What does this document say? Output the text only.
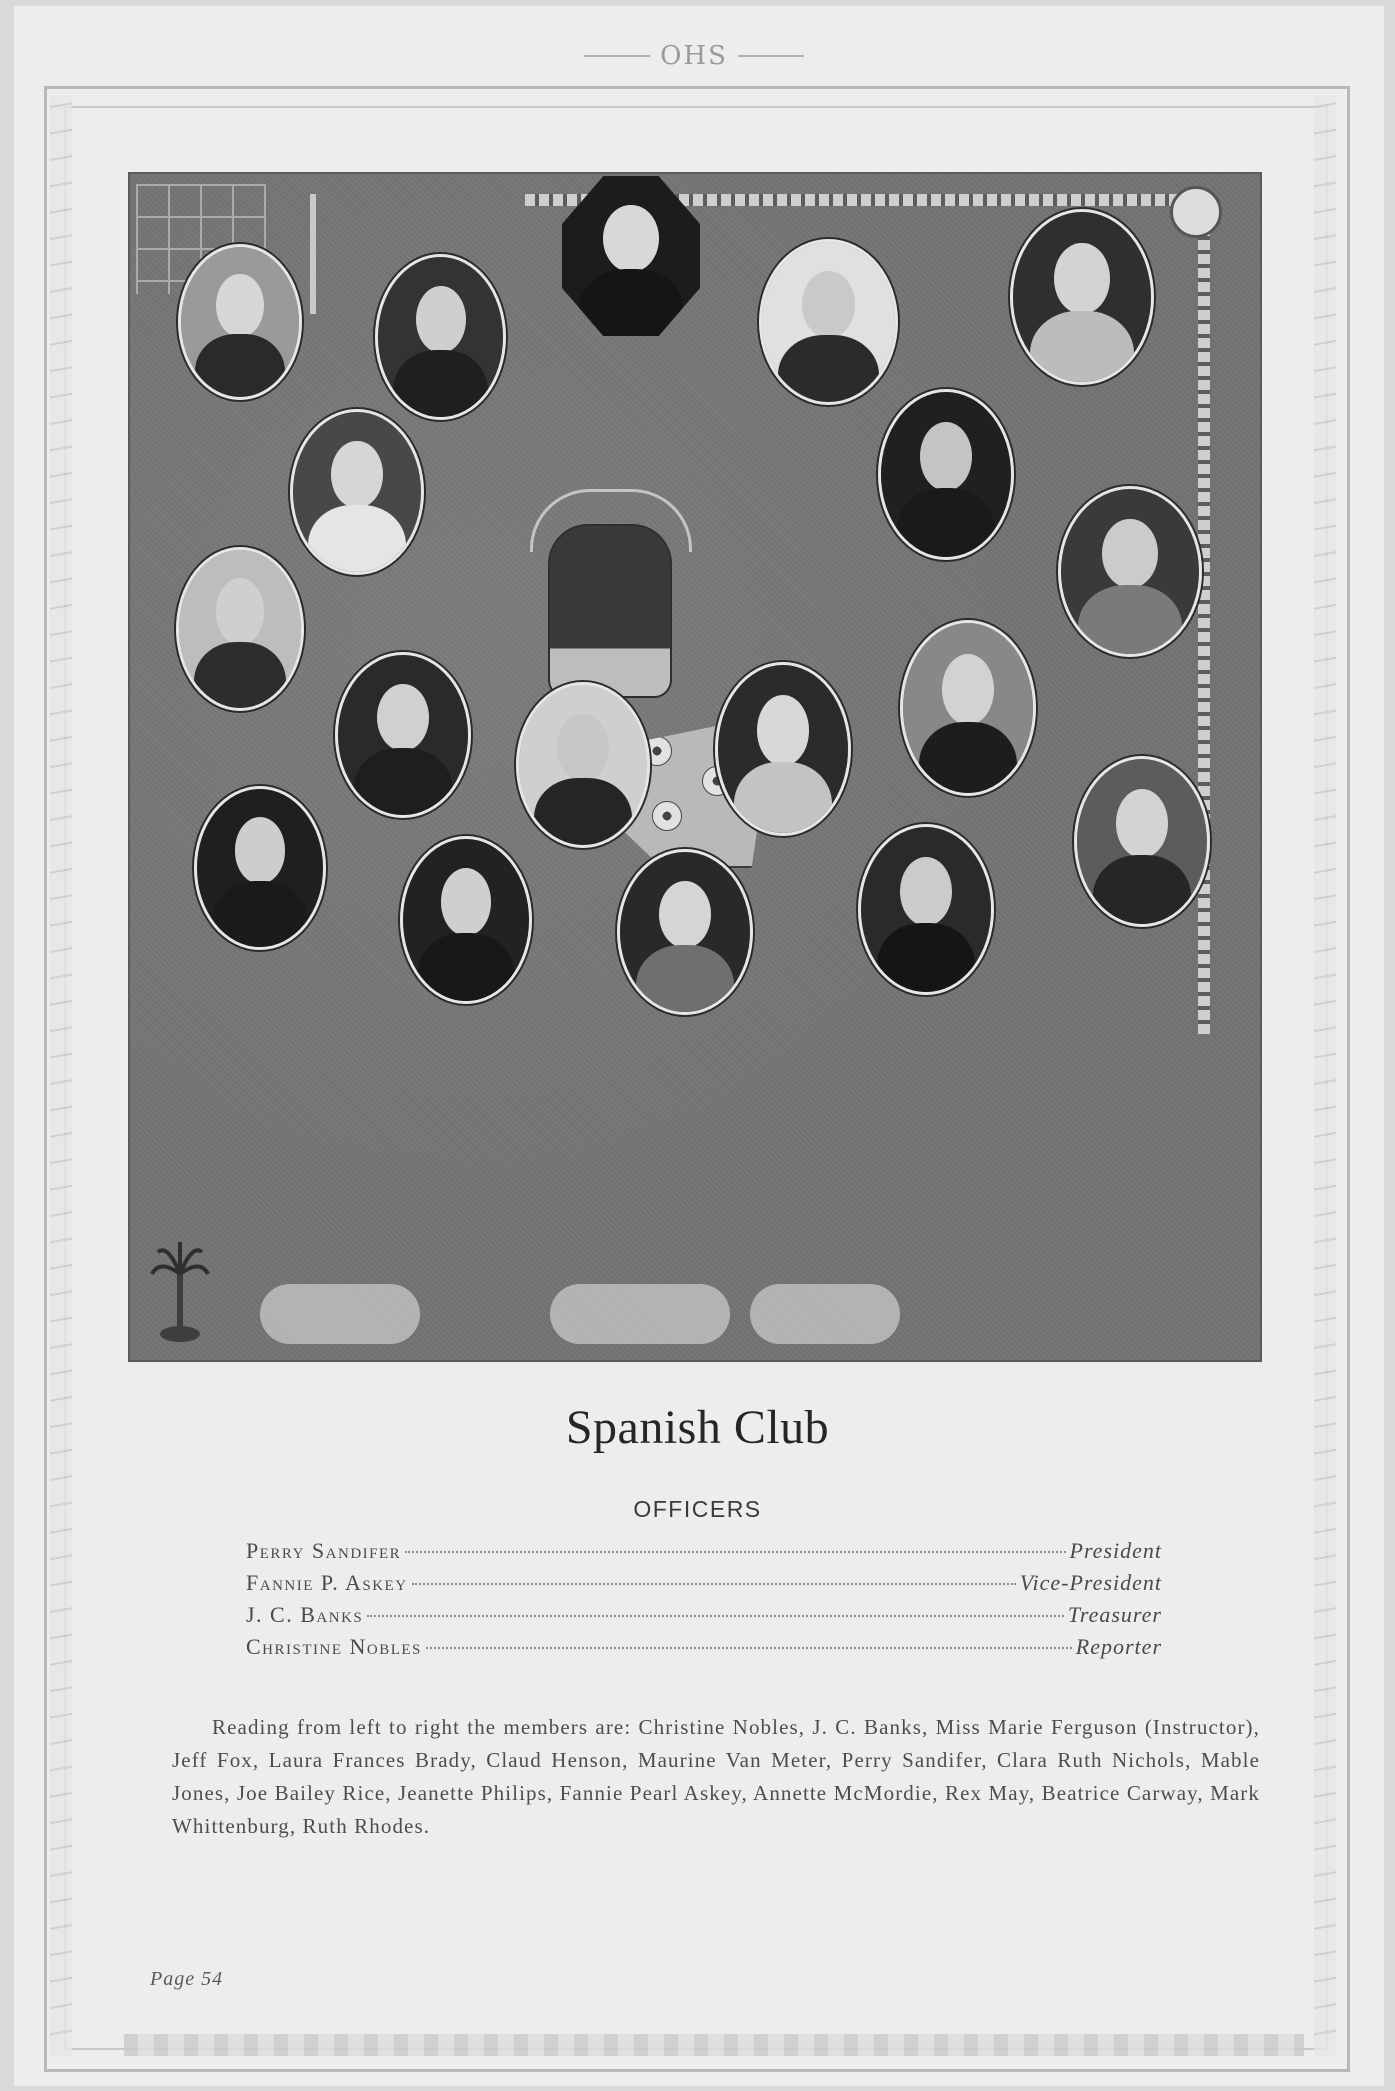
OHS
Spanish Club
OFFICERS
Perry Sandifer	President
Fannie P. Askey	Vice-President
J. C. Banks	Treasurer
Christine Nobles	Reporter

Reading from left to right the members are: Christine Nobles, J. C. Banks, Miss Marie Ferguson (Instructor), Jeff Fox, Laura Frances Brady, Claud Henson, Maurine Van Meter, Perry Sandifer, Clara Ruth Nichols, Mable Jones, Joe Bailey Rice, Jeanette Philips, Fannie Pearl Askey, Annette McMordie, Rex May, Beatrice Carway, Mark Whittenburg, Ruth Rhodes.

Page 54
